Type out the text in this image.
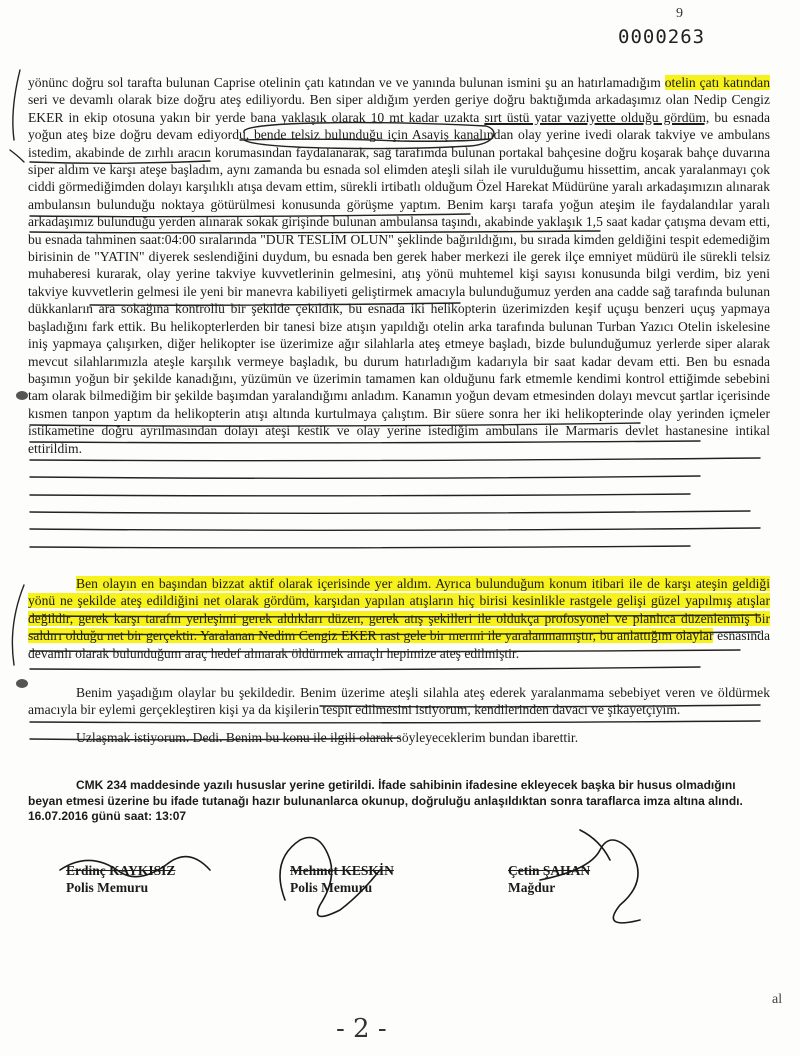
9
0000263

yönünc doğru sol tarafta bulunan Caprise otelinin çatı katından ve ve yanında bulunan ismini şu an hatırlamadığım otelin çatı katından seri ve devamlı olarak bize doğru ateş ediliyordu. Ben siper aldığım yerden geriye doğru baktığımda arkadaşımız olan Nedip Cengiz EKER in ekip otosuna yakın bir yerde bana yaklaşık olarak 10 mt kadar uzakta sırt üstü yatar vaziyette olduğu gördüm, bu esnada yoğun ateş bize doğru devam ediyordu, bende telsiz bulunduğu için Asayiş kanalından olay yerine ivedi olarak takviye ve ambulans istedim, akabinde de zırhlı aracın korumasından faydalanarak, sağ tarafımda bulunan portakal bahçesine doğru koşarak bahçe duvarına siper aldım ve karşı ateşe başladım, aynı zamanda bu esnada sol elimden ateşli silah ile vurulduğumu hissettim, ancak yaralanmayı çok ciddi görmediğimden dolayı karşılıklı atışa devam ettim, sürekli irtibatlı olduğum Özel Harekat Müdürüne yaralı arkadaşımızın alınarak ambulansın bulunduğu noktaya götürülmesi konusunda görüşme yaptım. Benim karşı tarafa yoğun ateşim ile faydalandılar yaralı arkadaşımız bulunduğu yerden alınarak sokak girişinde bulunan ambulansa taşındı, akabinde yaklaşık 1,5 saat kadar çatışma devam etti, bu esnada tahminen saat:04:00 sıralarında "DUR TESLİM OLUN" şeklinde bağırıldığını, bu sırada kimden geldiğini tespit edemediğim birisinin de "YATIN" diyerek seslendiğini duydum, bu esnada ben gerek haber merkezi ile gerek ilçe emniyet müdürü ile sürekli telsiz muhaberesi kurarak, olay yerine takviye kuvvetlerinin gelmesini, atış yönü muhtemel kişi sayısı konusunda bilgi verdim, biz yeni takviye kuvvetlerin gelmesi ile yeni bir manevra kabiliyeti geliştirmek amacıyla bulunduğumuz yerden ana cadde sağ tarafında bulunan dükkanların ara sokağına kontrollü bir şekilde çekildik, bu esnada iki helikopterin üzerimizden keşif uçuşu benzeri uçuş yapmaya başladığını fark ettik. Bu helikopterlerden bir tanesi bize atışın yapıldığı otelin arka tarafında bulunan Turban Yazıcı Otelin iskelesine iniş yapmaya çalışırken, diğer helikopter ise üzerimize ağır silahlarla ateş etmeye başladı, bizde bulunduğumuz yerlerde siper alarak mevcut silahlarımızla ateşle karşılık vermeye başladık, bu durum hatırladığım kadarıyla bir saat kadar devam etti. Ben bu esnada başımın yoğun bir şekilde kanadığını, yüzümün ve üzerimin tamamen kan olduğunu fark etmemle kendimi kontrol ettiğimde sebebini tam olarak bilmediğim bir şekilde başımdan yaralandığımı anladım. Kanamın yoğun devam etmesinden dolayı mevcut şartlar içerisinde kısmen tanpon yaptım da helikopterin atışı altında kurtulmaya çalıştım. Bir süere sonra her iki helikopterinde olay yerinden içmeler istikametine doğru ayrılmasından dolayı ateşi kestik ve olay yerine istediğim ambulans ile Marmaris devlet hastanesine intikal ettirildim.

Ben olayın en başından bizzat aktif olarak içerisinde yer aldım. Ayrıca bulunduğum konum itibari ile de karşı ateşin geldiği yönü ne şekilde ateş edildiğini net olarak gördüm, karşıdan yapılan atışların hiç birisi kesinlikle rastgele gelişi güzel yapılmış atışlar değildir, gerek karşı tarafın yerleşimi gerek aldıkları düzen, gerek atış şekilleri ile oldukça profosyonel ve planlıca düzenlenmiş bir saldırı olduğu net bir gerçektir. Yaralanan Nedim Cengiz EKER rast gele bir mermi ile yaralanmamıştır, bu anlattığım olaylar esnasında devamlı olarak bulunduğum araç hedef alınarak öldürmek amaçlı hepimize ateş edilmiştir.

Benim yaşadığım olaylar bu şekildedir. Benim üzerime ateşli silahla ateş ederek yaralanmama sebebiyet veren ve öldürmek amacıyla bir eylemi gerçekleştiren kişi ya da kişilerin tespit edilmesini istiyorum, kendilerinden davacı ve şikayetçiyim.

Uzlaşmak istiyorum. Dedi. Benim bu konu ile ilgili olarak söyleyeceklerim bundan ibarettir.

CMK 234 maddesinde yazılı hususlar yerine getirildi. İfade sahibinin ifadesine ekleyecek başka bir husus olmadığını beyan etmesi üzerine bu ifade tutanağı hazır bulunanlarca okunup, doğruluğu anlaşıldıktan sonra taraflarca imza altına alındı.

16.07.2016 günü saat: 13:07

Erdinç KAYKISIZ
Polis Memuru
Mehmet KESKİN
Polis Memuru
Çetin ŞAHAN
Mağdur
- 2 -
al
